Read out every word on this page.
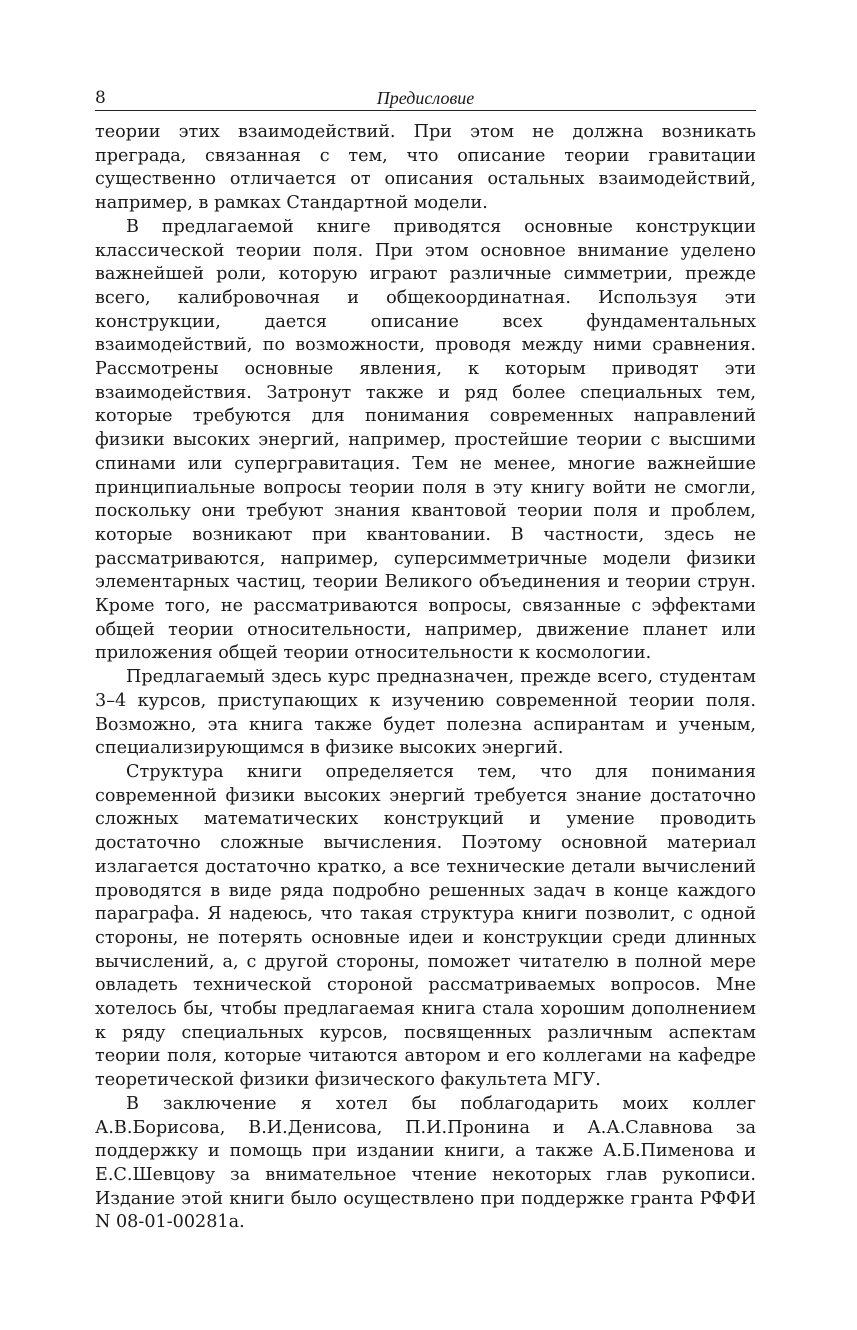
8	Предисловие

теории этих взаимодействий. При этом не должна возникать преграда, связанная с тем, что описание теории гравитации существенно отличается от описания остальных взаимодействий, например, в рамках Стандартной модели.

В предлагаемой книге приводятся основные конструкции классической теории поля. При этом основное внимание уделено важнейшей роли, которую играют различные симметрии, прежде всего, калибровочная и общекоординатная. Используя эти конструкции, дается описание всех фундаментальных взаимодействий, по возможности, проводя между ними сравнения. Рассмотрены основные явления, к которым приводят эти взаимодействия. Затронут также и ряд более специальных тем, которые требуются для понимания современных направлений физики высоких энергий, например, простейшие теории с высшими спинами или супергравитация. Тем не менее, многие важнейшие принципиальные вопросы теории поля в эту книгу войти не смогли, поскольку они требуют знания квантовой теории поля и проблем, которые возникают при квантовании. В частности, здесь не рассматриваются, например, суперсимметричные модели физики элементарных частиц, теории Великого объединения и теории струн. Кроме того, не рассматриваются вопросы, связанные с эффектами общей теории относительности, например, движение планет или приложения общей теории относительности к космологии.

Предлагаемый здесь курс предназначен, прежде всего, студентам 3–4 курсов, приступающих к изучению современной теории поля. Возможно, эта книга также будет полезна аспирантам и ученым, специализирующимся в физике высоких энергий.

Структура книги определяется тем, что для понимания современной физики высоких энергий требуется знание достаточно сложных математических конструкций и умение проводить достаточно сложные вычисления. Поэтому основной материал излагается достаточно кратко, а все технические детали вычислений проводятся в виде ряда подробно решенных задач в конце каждого параграфа. Я надеюсь, что такая структура книги позволит, с одной стороны, не потерять основные идеи и конструкции среди длинных вычислений, а, с другой стороны, поможет читателю в полной мере овладеть технической стороной рассматриваемых вопросов. Мне хотелось бы, чтобы предлагаемая книга стала хорошим дополнением к ряду специальных курсов, посвященных различным аспектам теории поля, которые читаются автором и его коллегами на кафедре теоретической физики физического факультета МГУ.

В заключение я хотел бы поблагодарить моих коллег А.В.Борисова, В.И.Денисова, П.И.Пронина и А.А.Славнова за поддержку и помощь при издании книги, а также А.Б.Пименова и Е.С.Шевцову за внимательное чтение некоторых глав рукописи. Издание этой книги было осуществлено при поддержке гранта РФФИ N 08-01-00281а.
